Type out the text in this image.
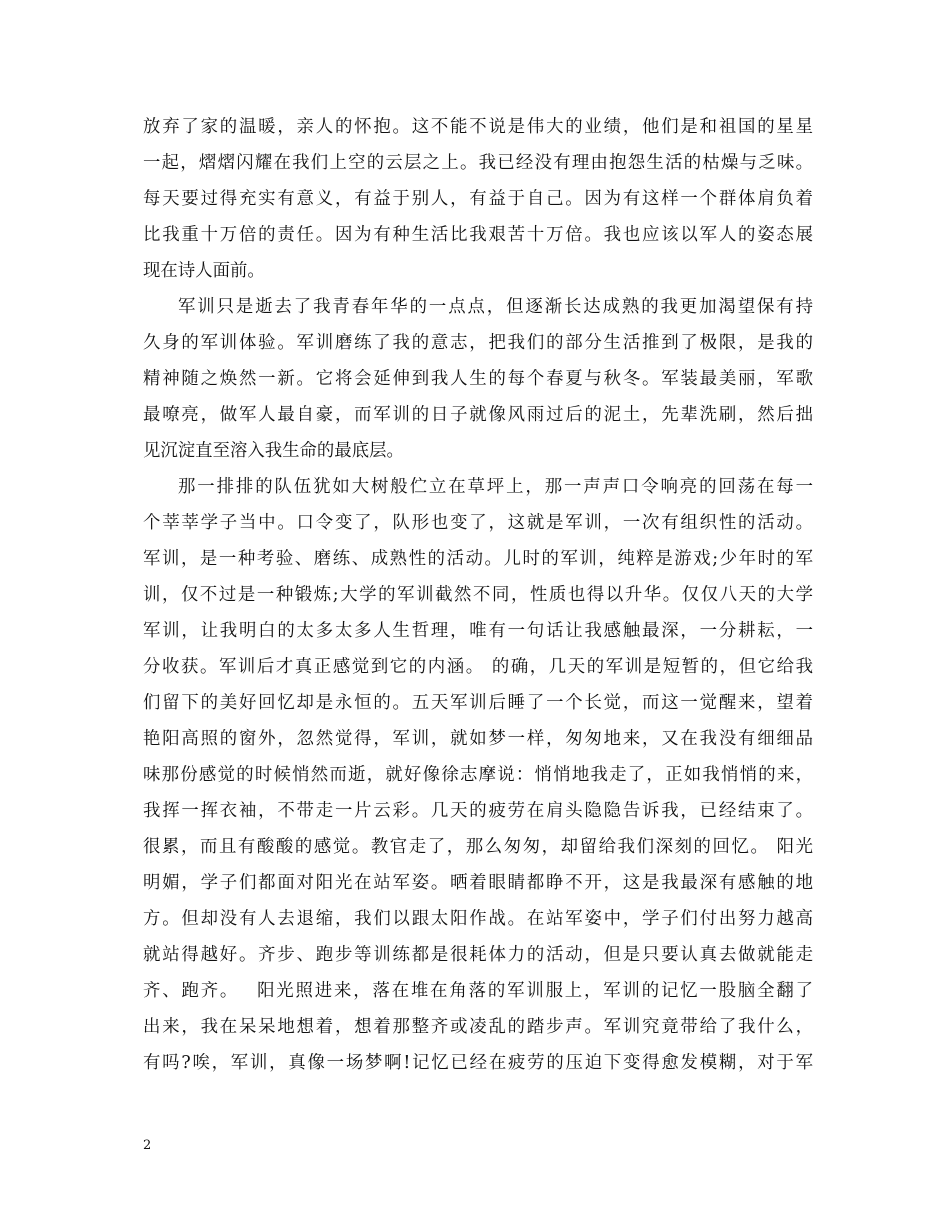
放弃了家的温暖，亲人的怀抱。这不能不说是伟大的业绩，他们是和祖国的星星
一起，熠熠闪耀在我们上空的云层之上。我已经没有理由抱怨生活的枯燥与乏味。
每天要过得充实有意义，有益于别人，有益于自己。因为有这样一个群体肩负着
比我重十万倍的责任。因为有种生活比我艰苦十万倍。我也应该以军人的姿态展
现在诗人面前。
军训只是逝去了我青春年华的一点点，但逐渐长达成熟的我更加渴望保有持
久身的军训体验。军训磨练了我的意志，把我们的部分生活推到了极限，是我的
精神随之焕然一新。它将会延伸到我人生的每个春夏与秋冬。军装最美丽，军歌
最嘹亮，做军人最自豪，而军训的日子就像风雨过后的泥土，先辈洗刷，然后拙
见沉淀直至溶入我生命的最底层。
那一排排的队伍犹如大树般伫立在草坪上，那一声声口令响亮的回荡在每一
个莘莘学子当中。口令变了，队形也变了，这就是军训，一次有组织性的活动。
军训，是一种考验、磨练、成熟性的活动。儿时的军训，纯粹是游戏;少年时的军
训，仅不过是一种锻炼;大学的军训截然不同，性质也得以升华。仅仅八天的大学
军训，让我明白的太多太多人生哲理，唯有一句话让我感触最深，一分耕耘，一
分收获。军训后才真正感觉到它的内涵。 的确，几天的军训是短暂的，但它给我
们留下的美好回忆却是永恒的。五天军训后睡了一个长觉，而这一觉醒来，望着
艳阳高照的窗外，忽然觉得，军训，就如梦一样，匆匆地来，又在我没有细细品
味那份感觉的时候悄然而逝，就好像徐志摩说：悄悄地我走了，正如我悄悄的来，
我挥一挥衣袖，不带走一片云彩。几天的疲劳在肩头隐隐告诉我，已经结束了。
很累，而且有酸酸的感觉。教官走了，那么匆匆，却留给我们深刻的回忆。 阳光
明媚，学子们都面对阳光在站军姿。晒着眼睛都睁不开，这是我最深有感触的地
方。但却没有人去退缩，我们以跟太阳作战。在站军姿中，学子们付出努力越高
就站得越好。齐步、跑步等训练都是很耗体力的活动，但是只要认真去做就能走
齐、跑齐。　 阳光照进来，落在堆在角落的军训服上，军训的记忆一股脑全翻了
出来，我在呆呆地想着，想着那整齐或凌乱的踏步声。军训究竟带给了我什么，
有吗?唉，军训，真像一场梦啊!记忆已经在疲劳的压迫下变得愈发模糊，对于军
2
